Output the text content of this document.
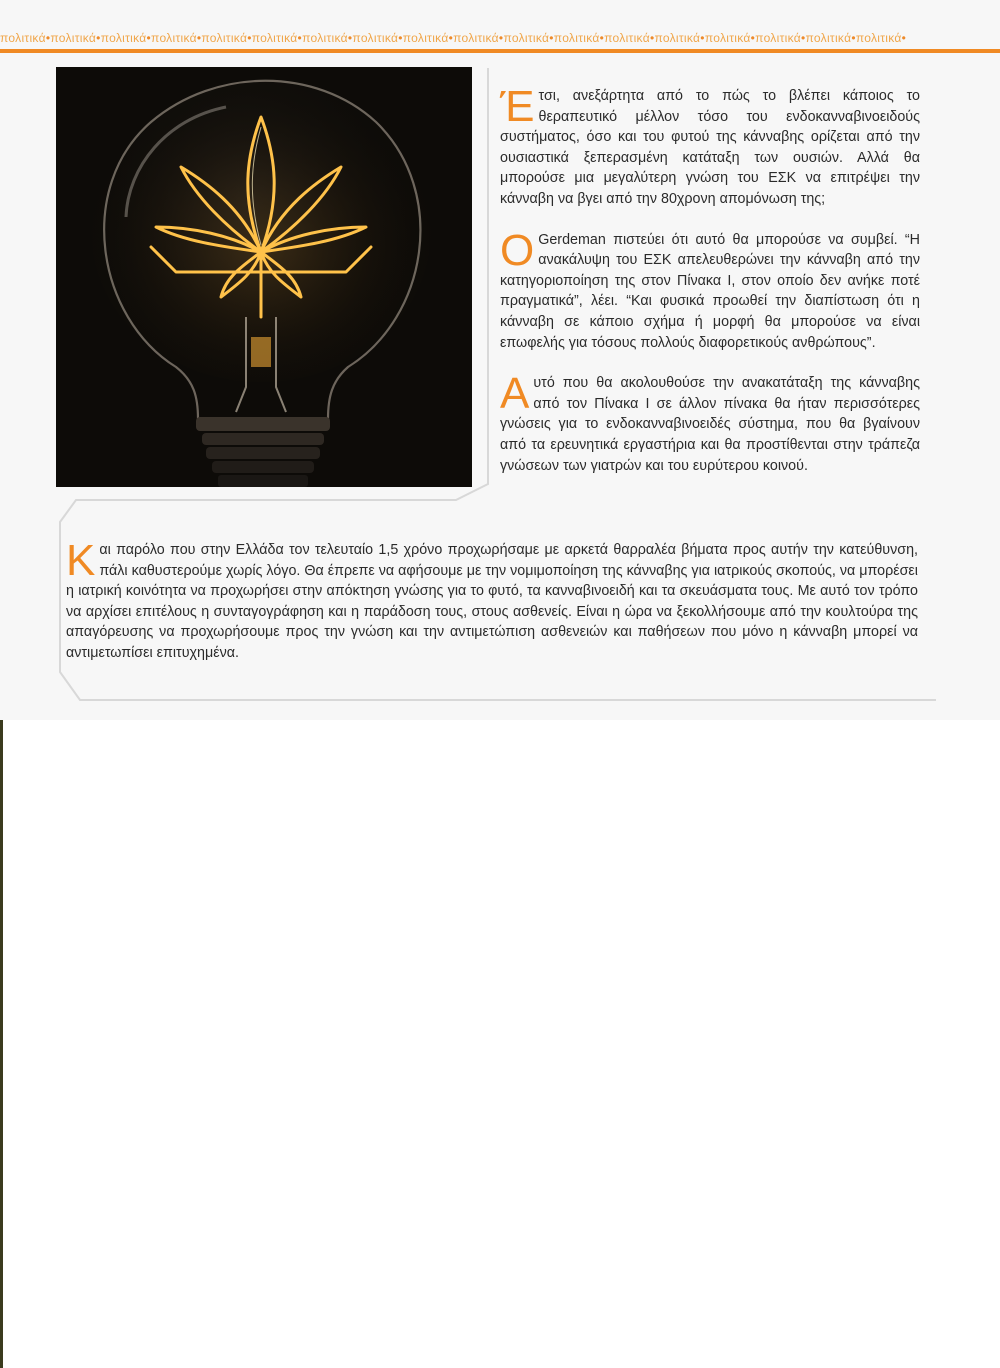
πολιτικά•πολιτικά•πολιτικά•πολιτικά•πολιτικά•πολιτικά•πολιτικά•πολιτικά•πολιτικά•πολιτικά•πολιτικά•πολιτικά•πολιτικά•πολιτικά•πολιτικά•πολιτικά•πολιτικά•πολιτικά•

Έτσι, ανεξάρτητα από το πώς το βλέπει κάποιος το θεραπευτικό μέλλον τόσο του ενδοκανναβινοειδούς συστήματος, όσο και του φυτού της κάνναβης ορίζεται από την ουσιαστικά ξεπερασμένη κατάταξη των ουσιών. Αλλά θα μπορούσε μια μεγαλύτερη γνώση του ΕΣΚ να επιτρέψει την κάνναβη να βγει από την 80χρονη απομόνωση της;

Ο Gerdeman πιστεύει ότι αυτό θα μπορούσε να συμβεί. “Η ανακάλυψη του ΕΣΚ απελευθερώνει την κάνναβη από την κατηγοριοποίηση της στον Πίνακα Ι, στον οποίο δεν ανήκε ποτέ πραγματικά”, λέει. “Και φυσικά προωθεί την διαπίστωση ότι η κάνναβη σε κάποιο σχήμα ή μορφή θα μπορούσε να είναι επωφελής για τόσους πολλούς διαφορετικούς ανθρώπους”.

Αυτό που θα ακολουθούσε την ανακατάταξη της κάνναβης από τον Πίνακα Ι σε άλλον πίνακα θα ήταν περισσότερες γνώσεις για το ενδοκανναβινοειδές σύστημα, που θα βγαίνουν από τα ερευνητικά εργαστήρια και θα προστίθενται στην τράπεζα γνώσεων των γιατρών και του ευρύτερου κοινού.

Και παρόλο που στην Ελλάδα τον τελευταίο 1,5 χρόνο προχωρήσαμε με αρκετά θαρραλέα βήματα προς αυτήν την κατεύθυνση, πάλι καθυστερούμε χωρίς λόγο. Θα έπρεπε να αφήσουμε με την νομιμοποίηση της κάνναβης για ιατρικούς σκοπούς, να μπορέσει η ιατρική κοινότητα να προχωρήσει στην απόκτηση γνώσης για το φυτό, τα κανναβινοειδή και τα σκευάσματα τους. Με αυτό τον τρόπο να αρχίσει επιτέλους η συνταγογράφηση και η παράδοση τους, στους ασθενείς. Είναι η ώρα να ξεκολλήσουμε από την κουλτούρα της απαγόρευσης να προχωρήσουμε προς την γνώση και την αντιμετώπιση ασθενειών και παθήσεων που μόνο η κάνναβη μπορεί να αντιμετωπίσει επιτυχημένα.
